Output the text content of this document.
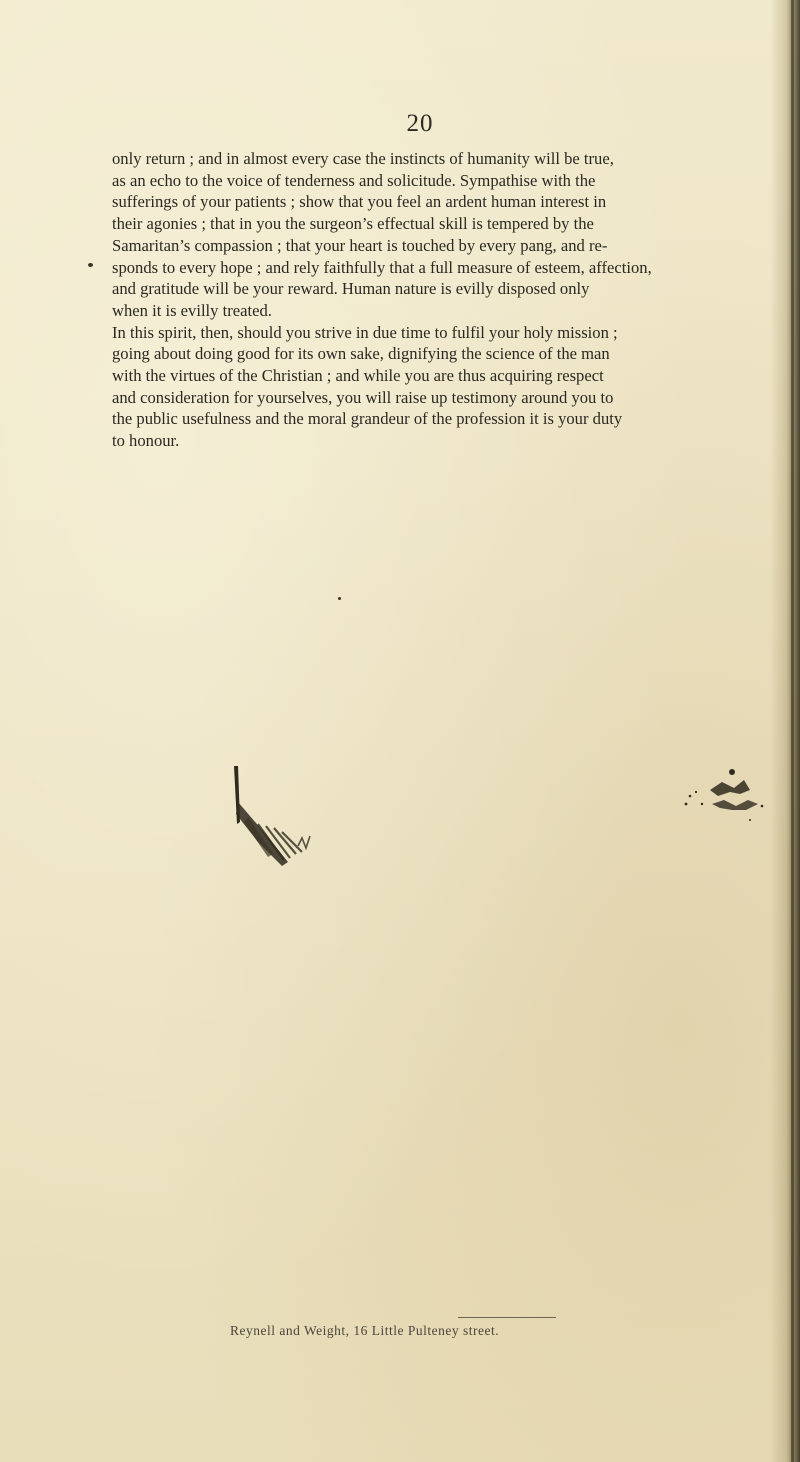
20

only return ; and in almost every case the instincts of humanity will be true,
as an echo to the voice of tenderness and solicitude. Sympathise with the
sufferings of your patients ; show that you feel an ardent human interest in
their agonies ; that in you the surgeon’s effectual skill is tempered by the
Samaritan’s compassion ; that your heart is touched by every pang, and re-
sponds to every hope ; and rely faithfully that a full measure of esteem, affection,
and gratitude will be your reward. Human nature is evilly disposed only
when it is evilly treated.

In this spirit, then, should you strive in due time to fulfil your holy mission ;
going about doing good for its own sake, dignifying the science of the man
with the virtues of the Christian ; and while you are thus acquiring respect
and consideration for yourselves, you will raise up testimony around you to
the public usefulness and the moral grandeur of the profession it is your duty
to honour.

Reynell and Weight, 16 Little Pulteney street.
